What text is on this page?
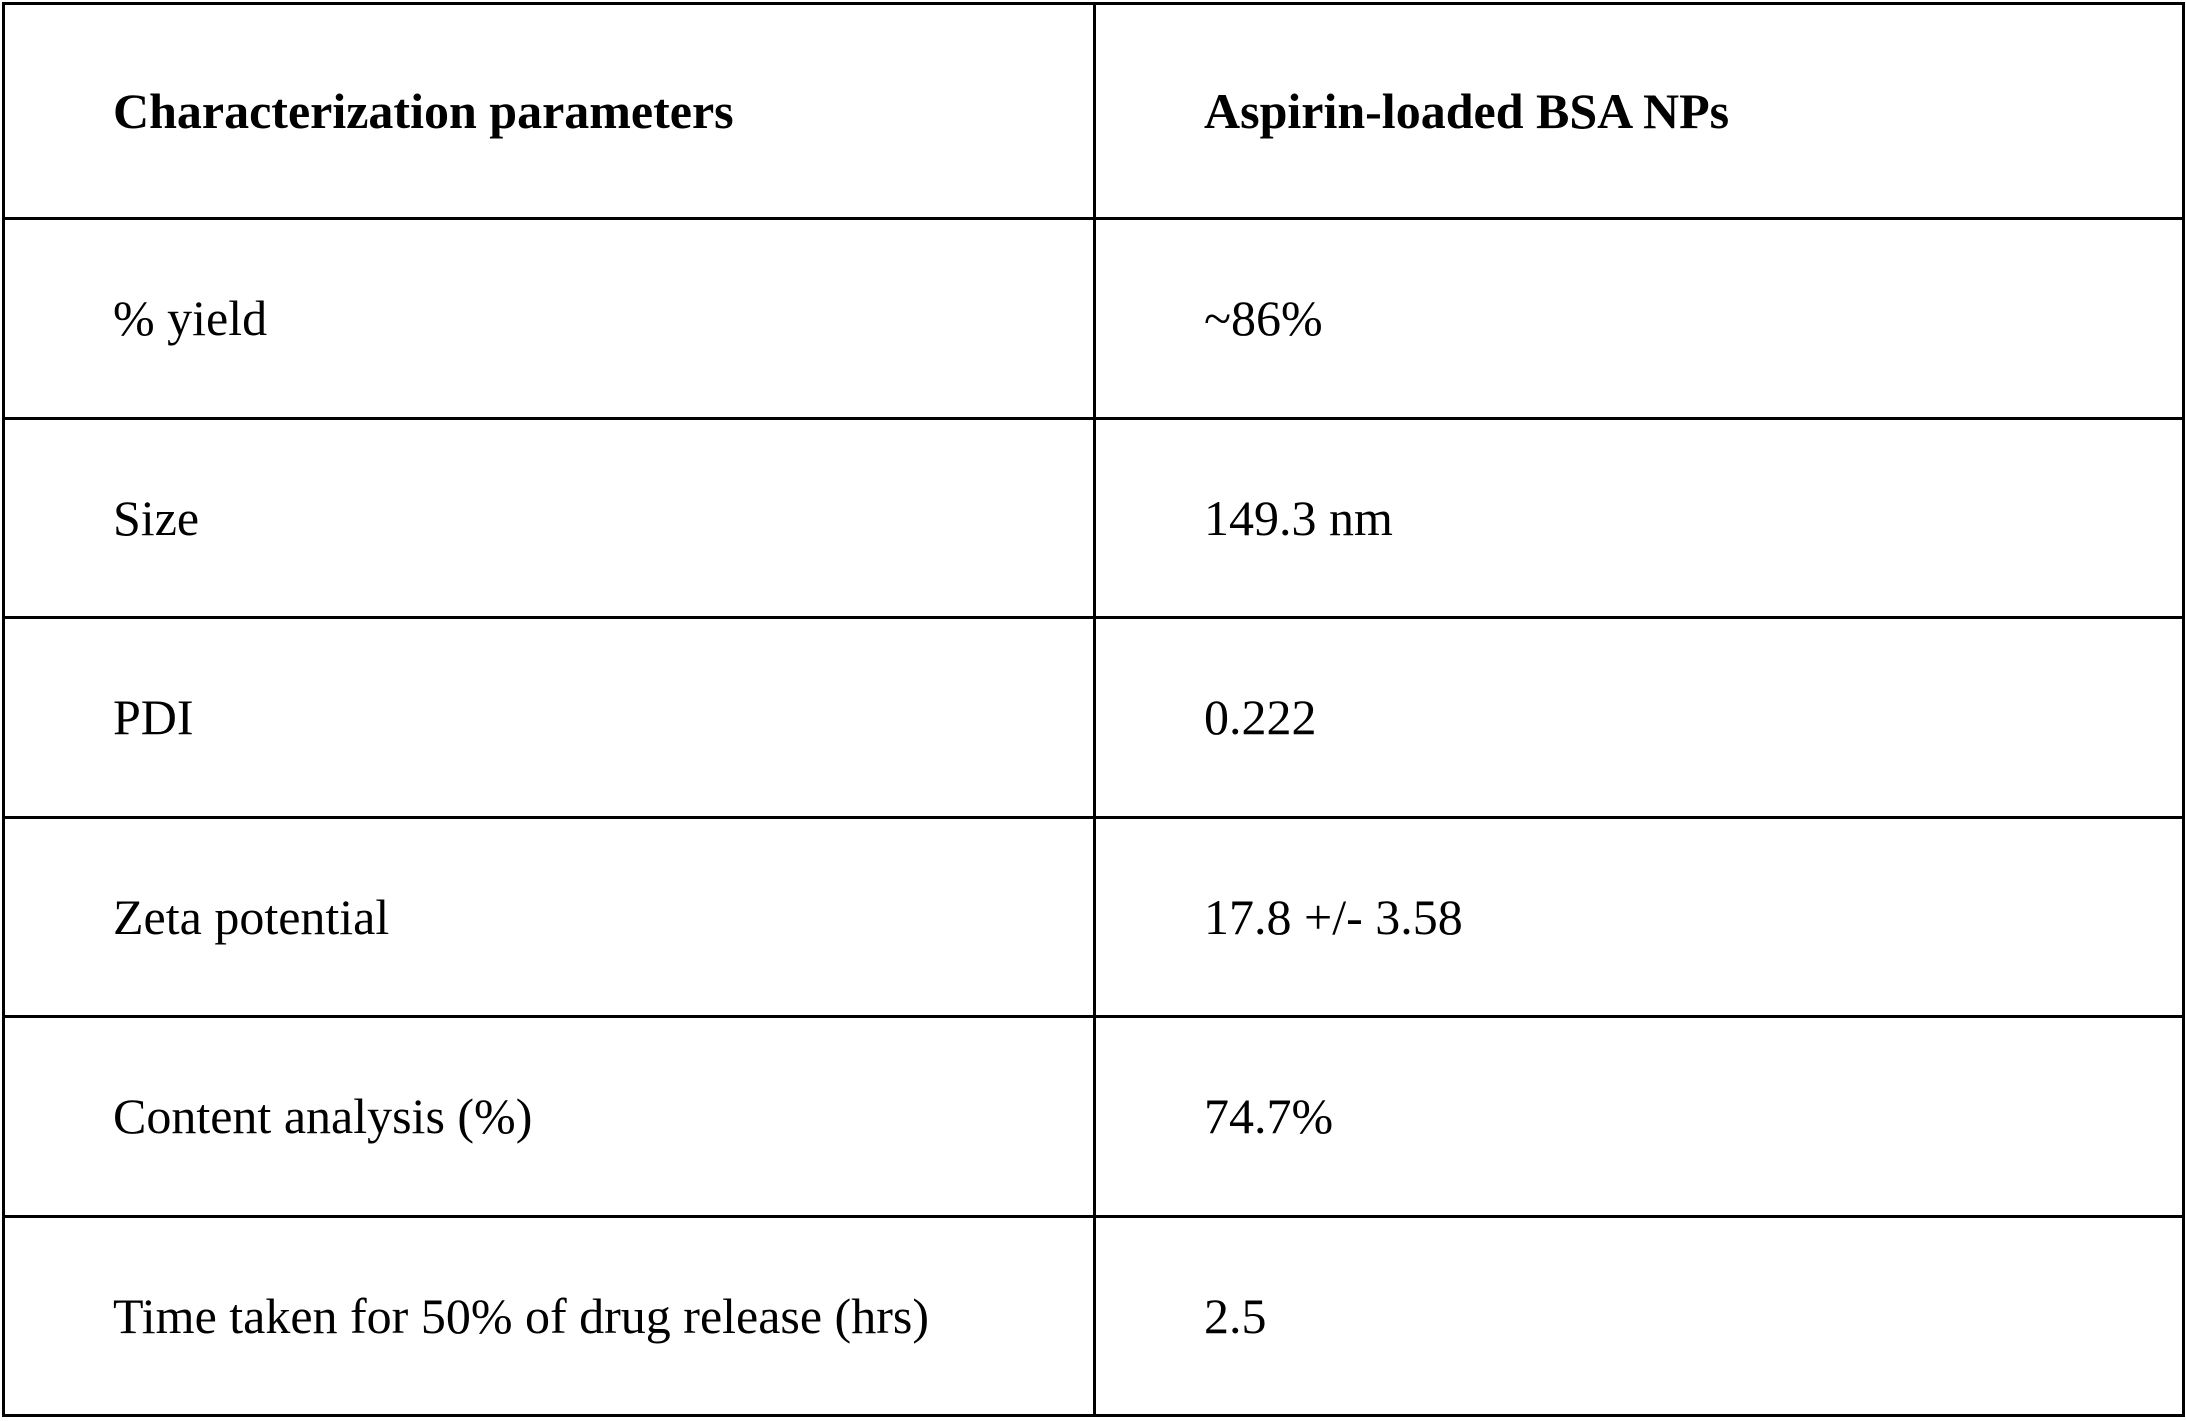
Characterization parameters	Aspirin-loaded BSA NPs
% yield	~86%
Size	149.3 nm
PDI	0.222
Zeta potential	17.8 +/- 3.58
Content analysis (%)	74.7%
Time taken for 50% of drug release (hrs)	2.5
